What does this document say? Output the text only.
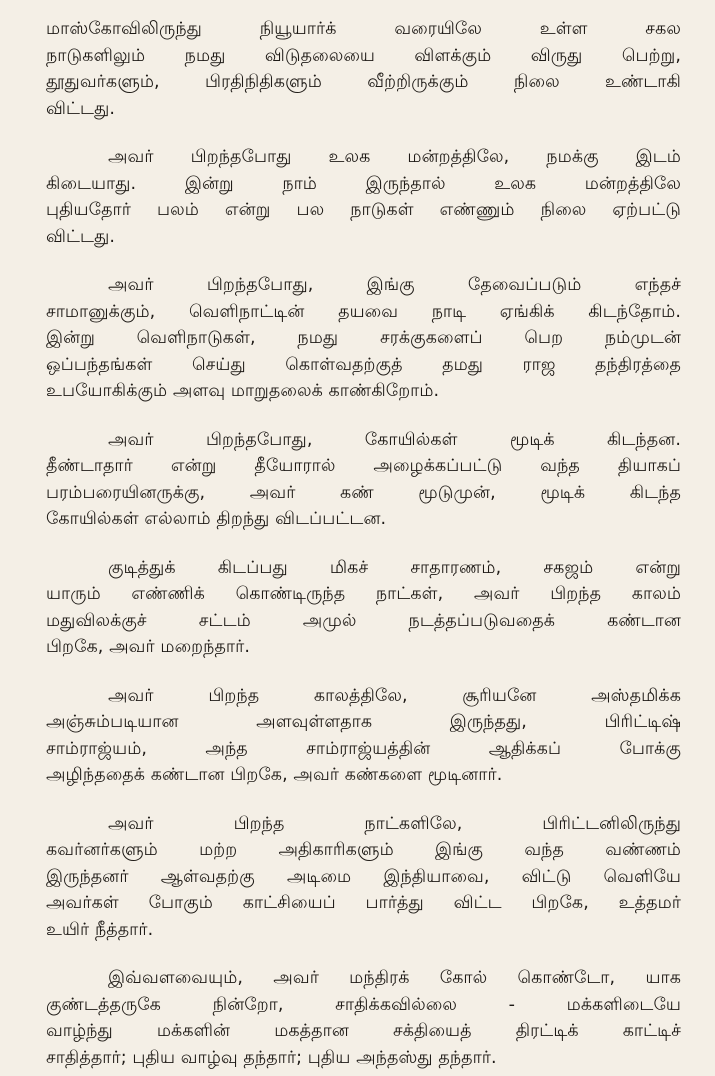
மாஸ்கோவிலிருந்து நியூயார்க் வரையிலே உள்ள சகல
நாடுகளிலும் நமது விடுதலையை விளக்கும் விருது பெற்று,
தூதுவர்களும், பிரதிநிதிகளும் வீற்றிருக்கும் நிலை உண்டாகி
விட்டது.

அவர் பிறந்தபோது உலக மன்றத்திலே, நமக்கு இடம்
கிடையாது. இன்று நாம் இருந்தால் உலக மன்றத்திலே
புதியதோர் பலம் என்று பல நாடுகள் எண்ணும் நிலை ஏற்பட்டு
விட்டது.

அவர் பிறந்தபோது, இங்கு தேவைப்படும் எந்தச்
சாமானுக்கும், வெளிநாட்டின் தயவை நாடி ஏங்கிக் கிடந்தோம்.
இன்று வெளிநாடுகள், நமது சரக்குகளைப் பெற நம்முடன்
ஒப்பந்தங்கள் செய்து கொள்வதற்குத் தமது ராஜ தந்திரத்தை
உபயோகிக்கும் அளவு மாறுதலைக் காண்கிறோம்.

அவர் பிறந்தபோது, கோயில்கள் மூடிக் கிடந்தன.
தீண்டாதார் என்று தீயோரால் அழைக்கப்பட்டு வந்த தியாகப்
பரம்பரையினருக்கு, அவர் கண் மூடுமுன், மூடிக் கிடந்த
கோயில்கள் எல்லாம் திறந்து விடப்பட்டன.

குடித்துக் கிடப்பது மிகச் சாதாரணம், சகஜம் என்று
யாரும் எண்ணிக் கொண்டிருந்த நாட்கள், அவர் பிறந்த காலம்
மதுவிலக்குச் சட்டம் அமுல் நடத்தப்படுவதைக் கண்டான
பிறகே, அவர் மறைந்தார்.

அவர் பிறந்த காலத்திலே, சூரியனே அஸ்தமிக்க
அஞ்சும்படியான அளவுள்ளதாக இருந்தது, பிரிட்டிஷ்
சாம்ராஜ்யம், அந்த சாம்ராஜ்யத்தின் ஆதிக்கப் போக்கு
அழிந்ததைக் கண்டான பிறகே, அவர் கண்களை மூடினார்.

அவர் பிறந்த நாட்களிலே, பிரிட்டனிலிருந்து
கவர்னர்களும் மற்ற அதிகாரிகளும் இங்கு வந்த வண்ணம்
இருந்தனர் ஆள்வதற்கு அடிமை இந்தியாவை, விட்டு வெளியே
அவர்கள் போகும் காட்சியைப் பார்த்து விட்ட பிறகே, உத்தமர்
உயிர் நீத்தார்.

இவ்வளவையும், அவர் மந்திரக் கோல் கொண்டோ, யாக
குண்டத்தருகே நின்றோ, சாதிக்கவில்லை - மக்களிடையே
வாழ்ந்து மக்களின் மகத்தான சக்தியைத் திரட்டிக் காட்டிச்
சாதித்தார்; புதிய வாழ்வு தந்தார்; புதிய அந்தஸ்து தந்தார்.
